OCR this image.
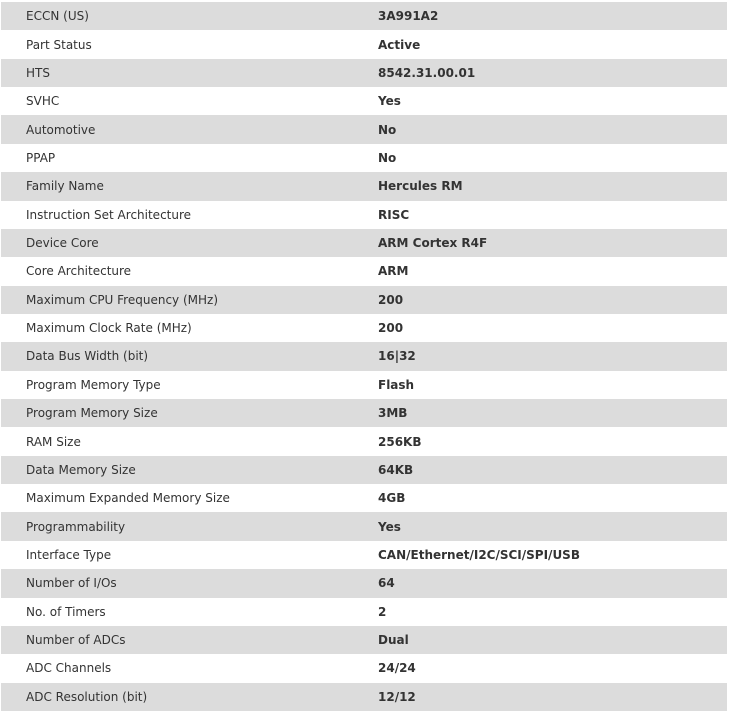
ECCN (US)	3A991A2
Part Status	Active
HTS	8542.31.00.01
SVHC	Yes
Automotive	No
PPAP	No
Family Name	Hercules RM
Instruction Set Architecture	RISC
Device Core	ARM Cortex R4F
Core Architecture	ARM
Maximum CPU Frequency (MHz)	200
Maximum Clock Rate (MHz)	200
Data Bus Width (bit)	16|32
Program Memory Type	Flash
Program Memory Size	3MB
RAM Size	256KB
Data Memory Size	64KB
Maximum Expanded Memory Size	4GB
Programmability	Yes
Interface Type	CAN/Ethernet/I2C/SCI/SPI/USB
Number of I/Os	64
No. of Timers	2
Number of ADCs	Dual
ADC Channels	24/24
ADC Resolution (bit)	12/12
